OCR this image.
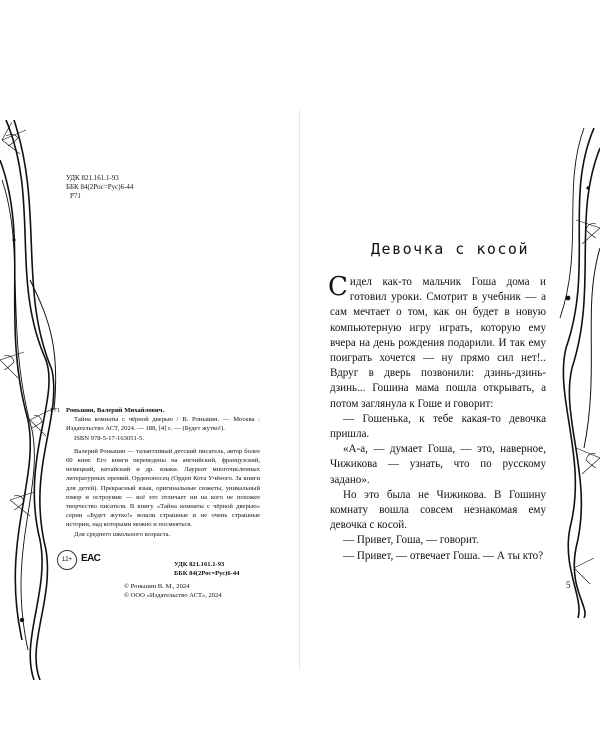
УДК 821.161.1-93
ББК 84(2Рос=Рус)6-44
Р71
Р71 Роньшин, Валерий Михайлович.

Тайна комнаты с чёрной дверью / В. Роньшин. — Москва : Издательство АСТ, 2024. — 188, [4] с. — (Будет жутко!).

ISBN 978-5-17-163051-5.

Валерий Роньшин — талантливый детский писатель, автор более 60 книг. Его книги переведены на английский, французский, немецкий, китайский и др. языки. Лауреат многочисленных литературных премий. Орденоносец (Орден Кота Учёного. За книги для детей). Прекрасный язык, оригинальные сюжеты, уникальный юмор и остроумие — всё это отличает ни на кого не похожее творчество писателя. В книгу «Тайна комнаты с чёрной дверью» серии «Будет жутко!» вошли страшные и не очень страшные истории, над которыми можно и посмеяться.

Для среднего школьного возраста.

12+ ЕАС
УДК 821.161.1-93
ББК 84(2Рос=Рус)6-44
© Роньшин В. М., 2024
© ООО «Издательство АСТ», 2024
Девочка с косой

Сидел как-то мальчик Гоша дома и готовил уроки. Смотрит в учебник — а сам мечтает о том, как он будет в новую компьютерную игру играть, которую ему вчера на день рождения подарили. И так ему поиграть хочется — ну прямо сил нет!.. Вдруг в дверь позвонили: дзинь-дзинь-дзинь... Гошина мама пошла открывать, а потом заглянула к Гоше и говорит:

— Гошенька, к тебе какая-то девочка пришла.

«А-а, — думает Гоша, — это, наверное, Чижикова — узнать, что по русскому задано».

Но это была не Чижикова. В Гошину комнату вошла совсем незнакомая ему девочка с косой.

— Привет, Гоша, — говорит.

— Привет, — отвечает Гоша. — А ты кто?

5
